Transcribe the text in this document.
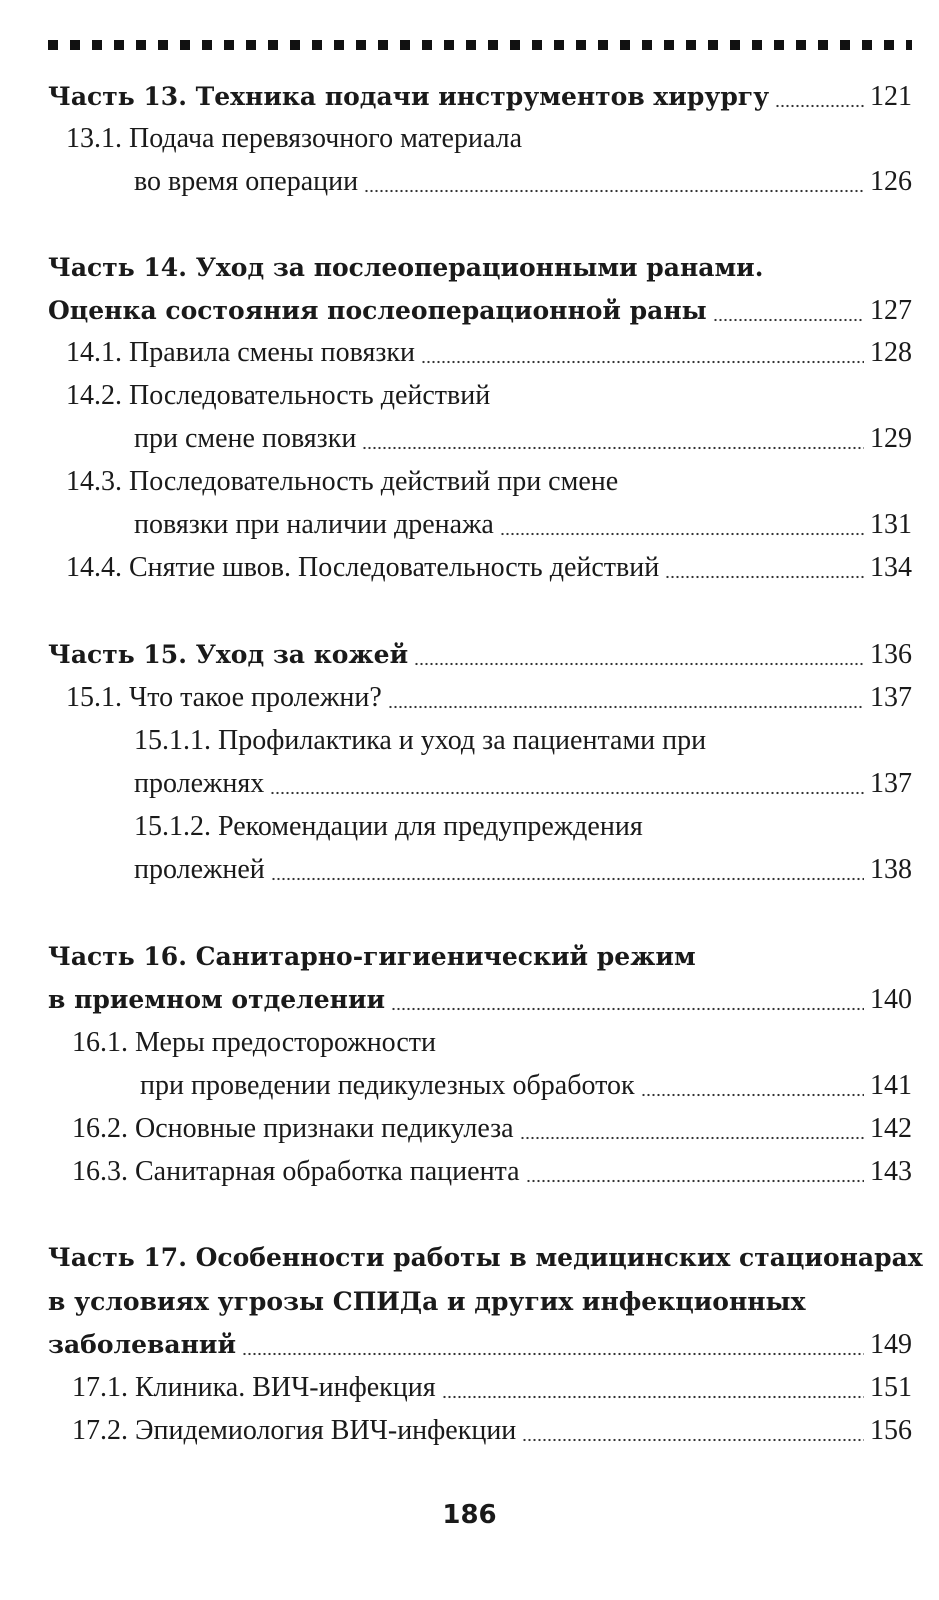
Часть 13. Техника подачи инструментов хирургу	121
13.1. Подача перевязочного материала
во время операции	126
Часть 14. Уход за послеоперационными ранами.
Оценка состояния послеоперационной раны	127
14.1. Правила смены повязки	128
14.2. Последовательность действий
при смене повязки	129
14.3. Последовательность действий при смене
повязки при наличии дренажа	131
14.4. Снятие швов. Последовательность действий	134
Часть 15. Уход за кожей	136
15.1. Что такое пролежни?	137
15.1.1. Профилактика и уход за пациентами при
пролежнях	137
15.1.2. Рекомендации для предупреждения
пролежней	138
Часть 16. Санитарно-гигиенический режим
в приемном отделении	140
16.1. Меры предосторожности
при проведении педикулезных обработок	141
16.2. Основные признаки педикулеза	142
16.3. Санитарная обработка пациента	143
Часть 17. Особенности работы в медицинских стационарах
в условиях угрозы СПИДа и других инфекционных
заболеваний	149
17.1. Клиника. ВИЧ-инфекция	151
17.2. Эпидемиология ВИЧ-инфекции	156
186
